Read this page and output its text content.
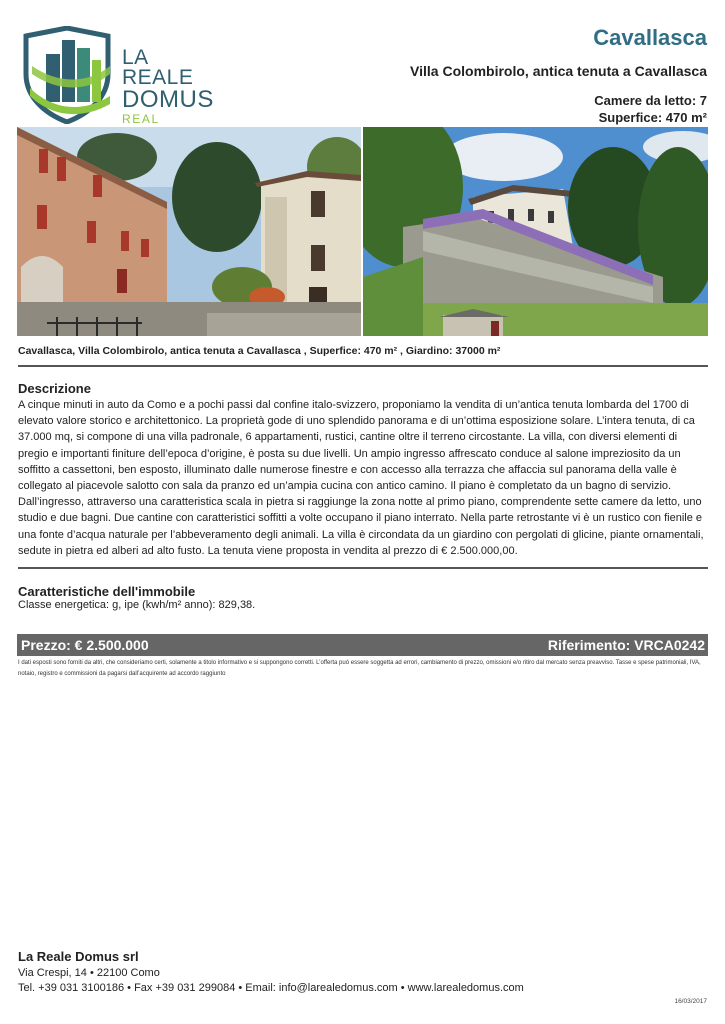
LA REALE
DOMUS
REAL
Cavallasca
Villa Colombirolo, antica tenuta a Cavallasca
Camere da letto: 7
Superfice: 470 m²
Cavallasca, Villa Colombirolo, antica tenuta a Cavallasca , Superfice: 470 m² , Giardino: 37000 m²
Descrizione

A cinque minuti in auto da Como e a pochi passi dal confine italo-svizzero, proponiamo la vendita di un’antica tenuta lombarda del 1700 di elevato valore storico e architettonico. La proprietà gode di uno splendido panorama e di un’ottima esposizione solare. L’intera tenuta, di ca 37.000 mq, si compone di una villa padronale, 6 appartamenti, rustici, cantine oltre il terreno circostante. La villa, con diversi elementi di pregio e importanti finiture dell’epoca d’origine, è posta su due livelli. Un ampio ingresso affrescato conduce al salone impreziosito da un soffitto a cassettoni, ben esposto, illuminato dalle numerose finestre e con accesso alla terrazza che affaccia sul panorama della valle è collegato al piacevole salotto con sala da pranzo ed un’ampia cucina con antico camino. Il piano è completato da un bagno di servizio. Dall’ingresso, attraverso una caratteristica scala in pietra si raggiunge la zona notte al primo piano, comprendente sette camere da letto, uno studio e due bagni. Due cantine con caratteristici soffitti a volte occupano il piano interrato. Nella parte retrostante vi è un rustico con fienile e una fonte d’acqua naturale per l’abbeveramento degli animali. La villa è circondata da un giardino con pergolati di glicine, piante ornamentali, sedute in pietra ed alberi ad alto fusto. La tenuta viene proposta in vendita al prezzo di € 2.500.000,00.

Caratteristiche dell'immobile
Classe energetica: g, ipe (kwh/m² anno): 829,38.
Prezzo: € 2.500.000	Riferimento: VRCA0242
I dati esposti sono forniti da altri, che consideriamo certi, solamente a titolo informativo e si suppongono corretti. L’offerta può essere soggetta ad errori, cambiamento di prezzo, omissioni e/o ritiro dal mercato senza preavviso. Tasse e spese patrimoniali, IVA, notaio, registro e commissioni da pagarsi dall’acquirente ad accordo raggiunto
La Reale Domus srl
Via Crespi, 14 • 22100 Como
Tel. +39 031 3100186 • Fax +39 031 299084 • Email: info@larealedomus.com • www.larealedomus.com
16/03/2017
